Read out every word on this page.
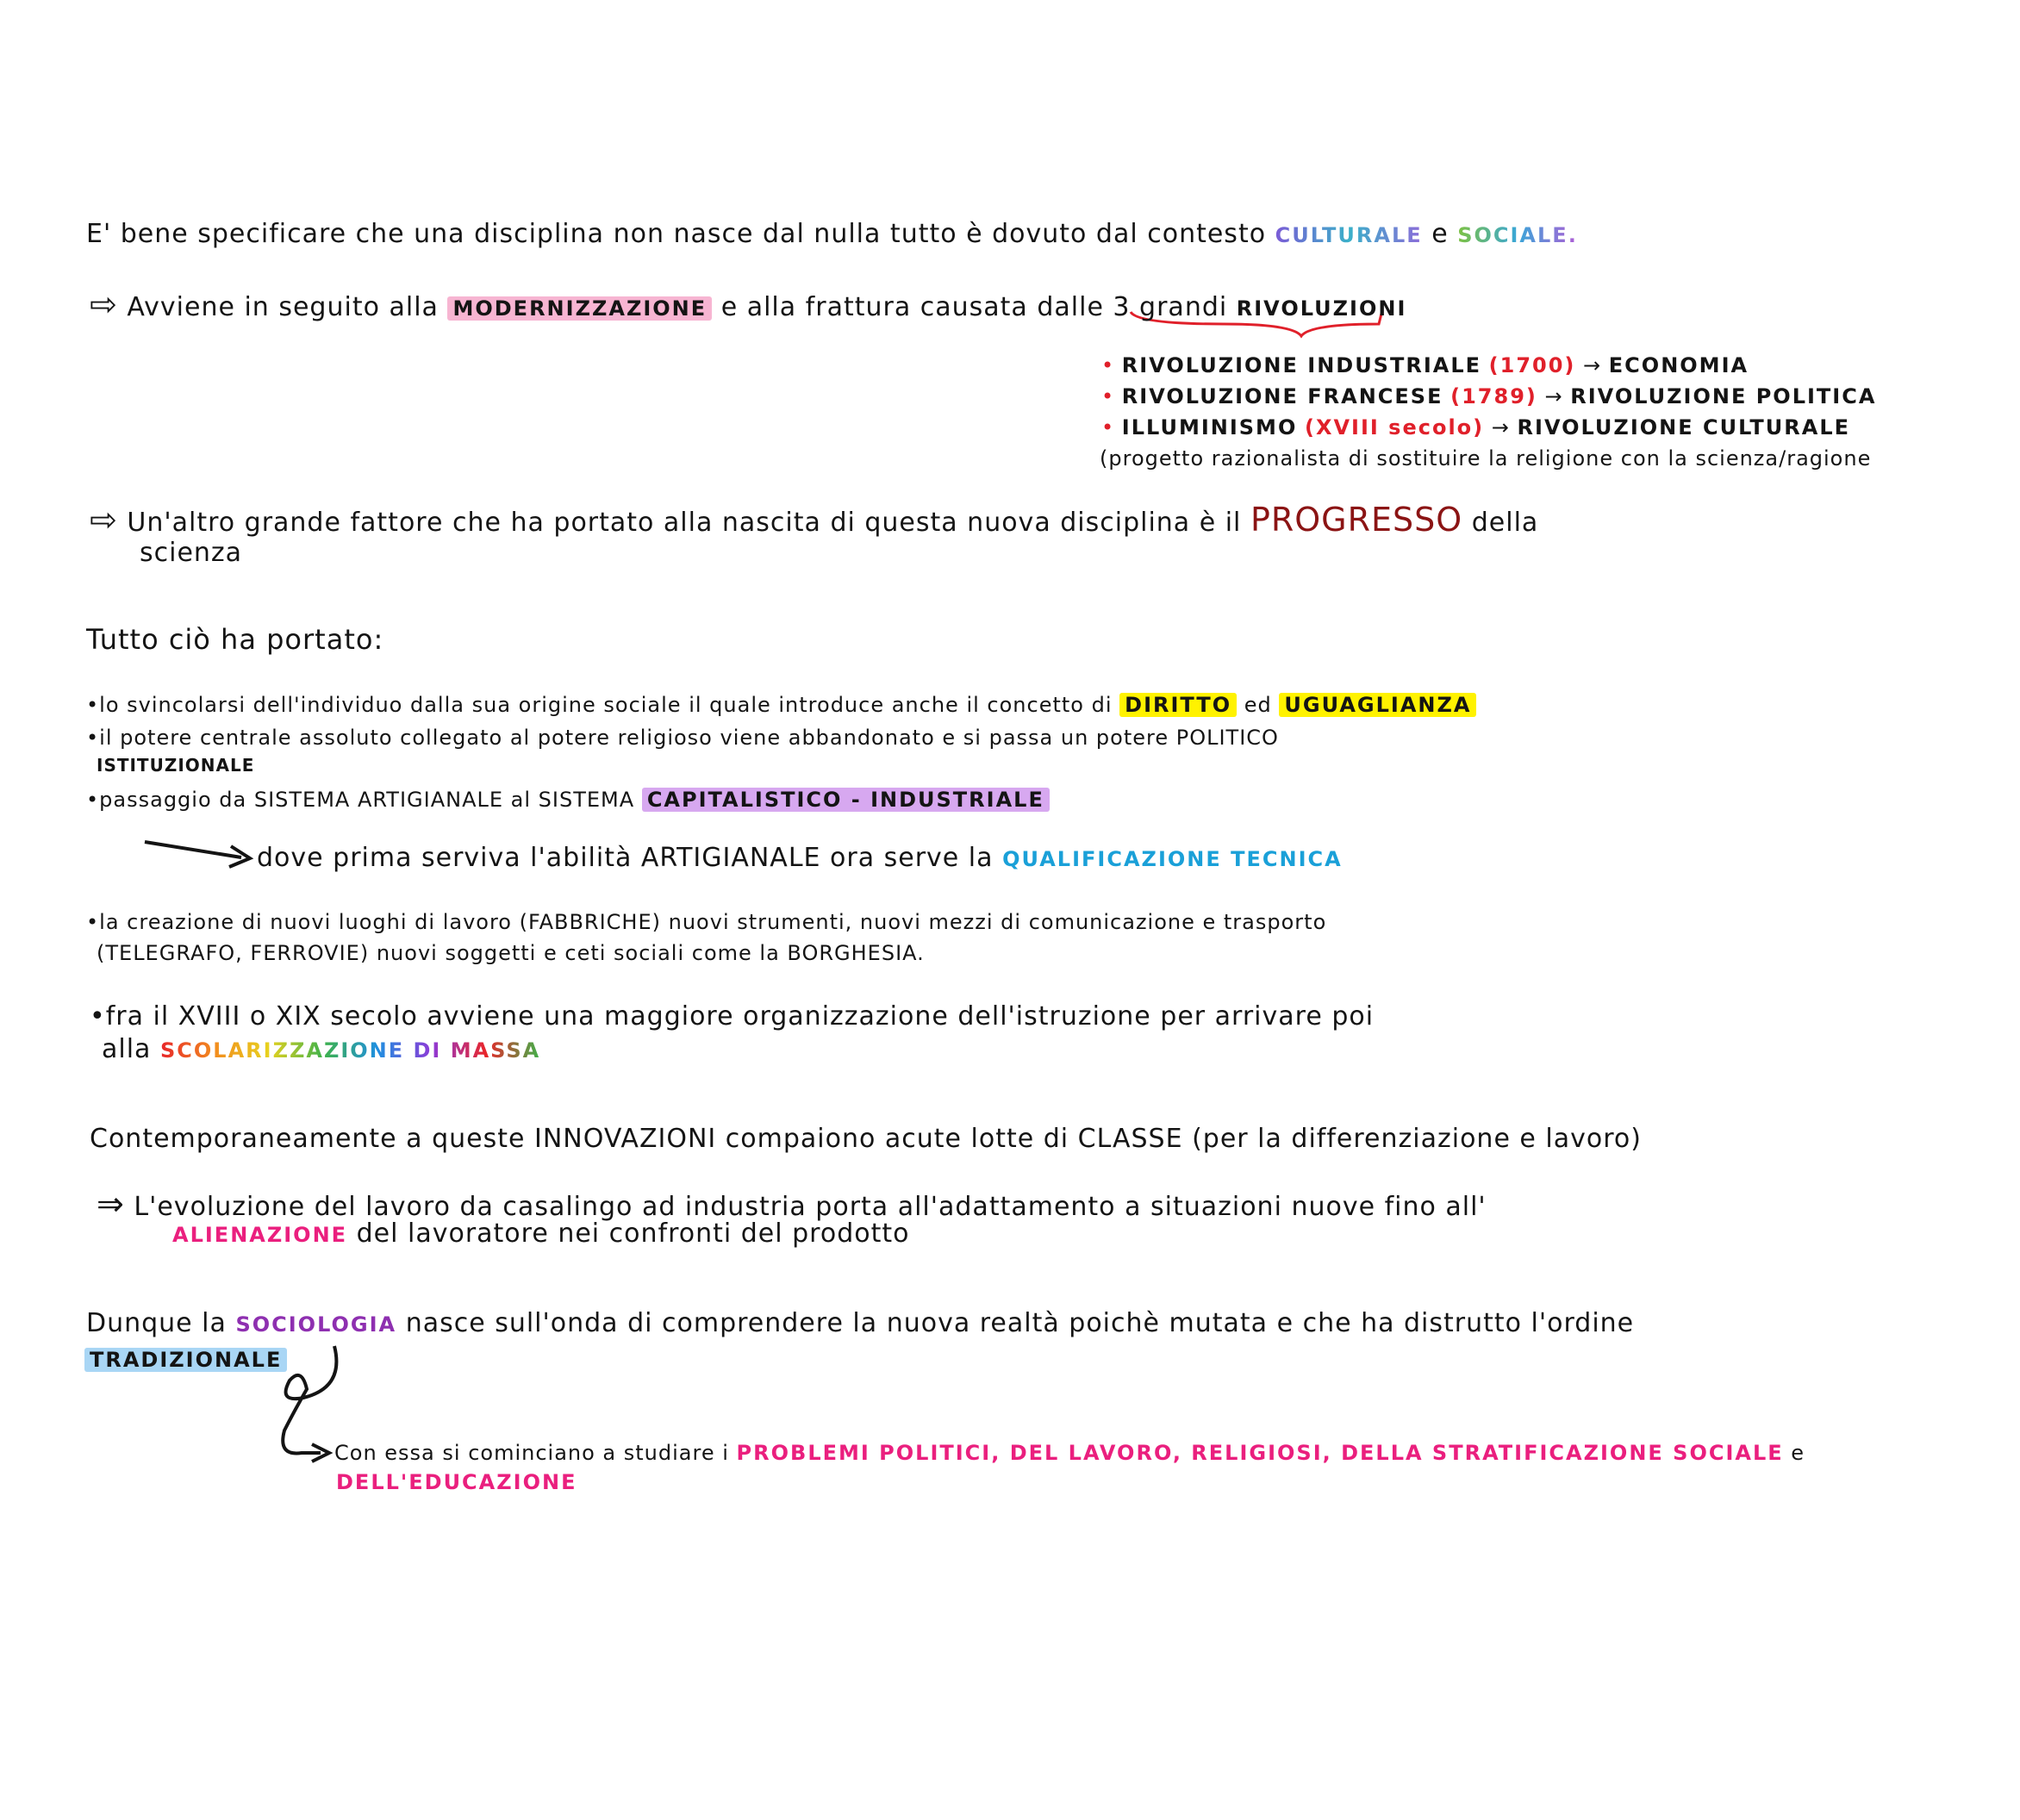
E' bene specificare che una disciplina non nasce dal nulla tutto è dovuto dal contesto CULTURALE e SOCIALE.
⇨ Avviene in seguito alla MODERNIZZAZIONE e alla frattura causata dalle 3 grandi RIVOLUZIONI
• RIVOLUZIONE INDUSTRIALE (1700) → ECONOMIA
• RIVOLUZIONE FRANCESE (1789) → RIVOLUZIONE POLITICA
• ILLUMINISMO (XVIII secolo) → RIVOLUZIONE CULTURALE
(progetto razionalista di sostituire la religione con la scienza/ragione
⇨ Un'altro grande fattore che ha portato alla nascita di questa nuova disciplina è il PROGRESSO della
scienza
Tutto ciò ha portato:
•lo svincolarsi dell'individuo dalla sua origine sociale il quale introduce anche il concetto di DIRITTO ed UGUAGLIANZA
•il potere centrale assoluto collegato al potere religioso viene abbandonato e si passa un potere POLITICO
ISTITUZIONALE
•passaggio da SISTEMA ARTIGIANALE al SISTEMA CAPITALISTICO - INDUSTRIALE
dove prima serviva l'abilità ARTIGIANALE ora serve la QUALIFICAZIONE TECNICA
•la creazione di nuovi luoghi di lavoro (FABBRICHE) nuovi strumenti, nuovi mezzi di comunicazione e trasporto
(TELEGRAFO, FERROVIE) nuovi soggetti e ceti sociali come la BORGHESIA.
•fra il XVIII o XIX secolo avviene una maggiore organizzazione dell'istruzione per arrivare poi
alla SCOLARIZZAZIONE DI MASSA
Contemporaneamente a queste INNOVAZIONI compaiono acute lotte di CLASSE (per la differenziazione e lavoro)
⇒ L'evoluzione del lavoro da casalingo ad industria porta all'adattamento a situazioni nuove fino all'
ALIENAZIONE del lavoratore nei confronti del prodotto
Dunque la SOCIOLOGIA nasce sull'onda di comprendere la nuova realtà poichè mutata e che ha distrutto l'ordine
TRADIZIONALE
Con essa si cominciano a studiare i PROBLEMI POLITICI, DEL LAVORO, RELIGIOSI, DELLA STRATIFICAZIONE SOCIALE e
DELL'EDUCAZIONE
